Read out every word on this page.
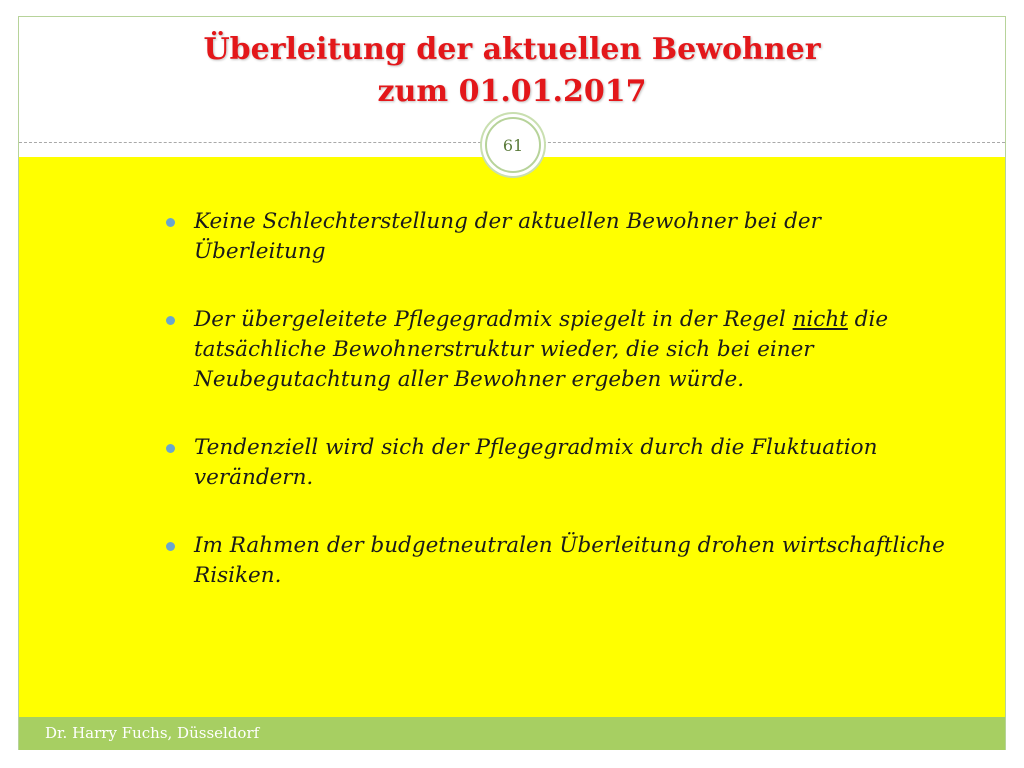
Überleitung der aktuellen Bewohner
zum 01.01.2017
61
Keine Schlechterstellung der aktuellen Bewohner bei der Überleitung
Der übergeleitete Pflegegradmix spiegelt in der Regel nicht die tatsächliche Bewohnerstruktur wieder, die sich bei einer Neubegutachtung aller Bewohner ergeben würde.
Tendenziell wird sich der Pflegegradmix durch die Fluktuation verändern.
Im Rahmen der budgetneutralen Überleitung drohen wirtschaftliche Risiken.
Dr. Harry Fuchs, Düsseldorf
